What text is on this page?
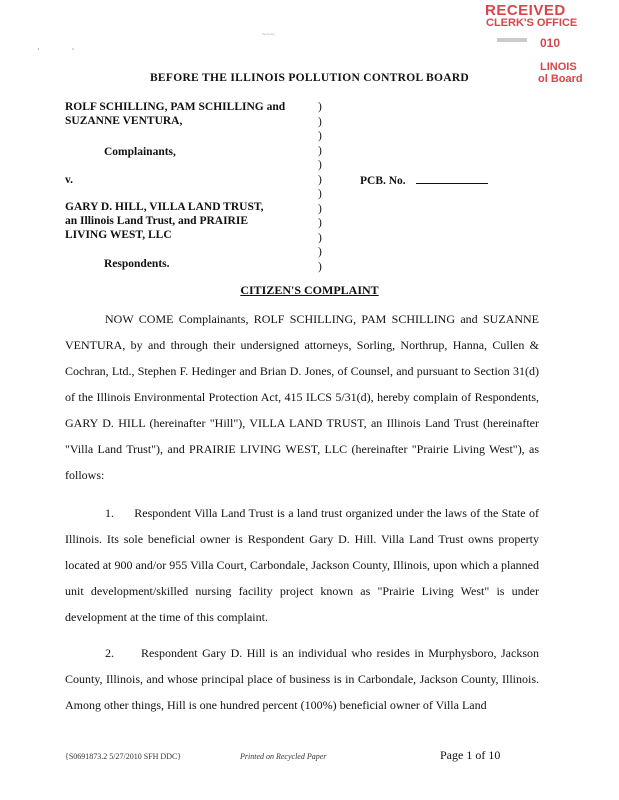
·                ·
~~~
RECEIVED
CLERK'S OFFICE
010
LINOIS
ol Board
BEFORE THE ILLINOIS POLLUTION CONTROL BOARD
ROLF SCHILLING, PAM SCHILLING and
SUZANNE VENTURA,
Complainants,
v.
GARY D. HILL, VILLA LAND TRUST,
an Illinois Land Trust, and PRAIRIE
LIVING WEST, LLC
Respondents.
)
)
)
)
)
)
)
)
)
)
)
)
PCB. No.
CITIZEN'S COMPLAINT
NOW COME Complainants, ROLF SCHILLING, PAM SCHILLING and SUZANNE VENTURA, by and through their undersigned attorneys, Sorling, Northrup, Hanna, Cullen & Cochran, Ltd., Stephen F. Hedinger and Brian D. Jones, of Counsel, and pursuant to Section 31(d) of the Illinois Environmental Protection Act, 415 ILCS 5/31(d), hereby complain of Respondents, GARY D. HILL (hereinafter "Hill"), VILLA LAND TRUST, an Illinois Land Trust (hereinafter "Villa Land Trust"), and PRAIRIE LIVING WEST, LLC (hereinafter "Prairie Living West"), as follows:
1. Respondent Villa Land Trust is a land trust organized under the laws of the State of Illinois. Its sole beneficial owner is Respondent Gary D. Hill. Villa Land Trust owns property located at 900 and/or 955 Villa Court, Carbondale, Jackson County, Illinois, upon which a planned unit development/skilled nursing facility project known as "Prairie Living West" is under development at the time of this complaint.
2. Respondent Gary D. Hill is an individual who resides in Murphysboro, Jackson County, Illinois, and whose principal place of business is in Carbondale, Jackson County, Illinois. Among other things, Hill is one hundred percent (100%) beneficial owner of Villa Land
{S0691873.2 5/27/2010 SFH DDC}	Printed on Recycled Paper	Page 1 of 10
